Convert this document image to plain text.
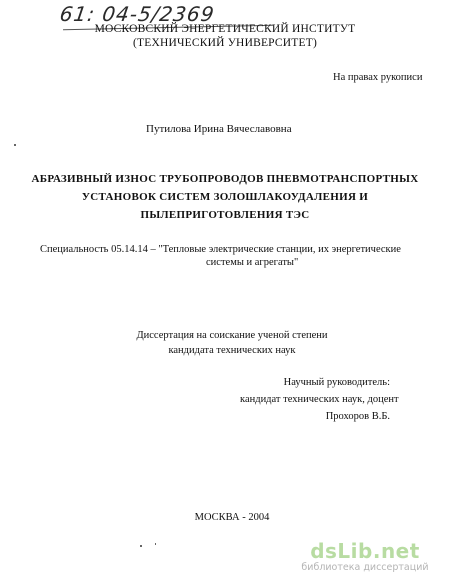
61: 04-5/2369
МОСКОВСКИЙ ЭНЕРГЕТИЧЕСКИЙ ИНСТИТУТ
(ТЕХНИЧЕСКИЙ УНИВЕРСИТЕТ)
На правах рукописи
Путилова Ирина Вячеславовна
АБРАЗИВНЫЙ ИЗНОС ТРУБОПРОВОДОВ ПНЕВМОТРАНСПОРТНЫХ
УСТАНОВОК СИСТЕМ ЗОЛОШЛАКОУДАЛЕНИЯ И
ПЫЛЕПРИГОТОВЛЕНИЯ ТЭС
Специальность 05.14.14 – "Тепловые электрические станции, их энергетические
системы и агрегаты"
Диссертация на соискание ученой степени
кандидата технических наук
Научный руководитель:
кандидат технических наук, доцент
Прохоров В.Б.
МОСКВА - 2004
dsLib.net
библиотека диссертаций
